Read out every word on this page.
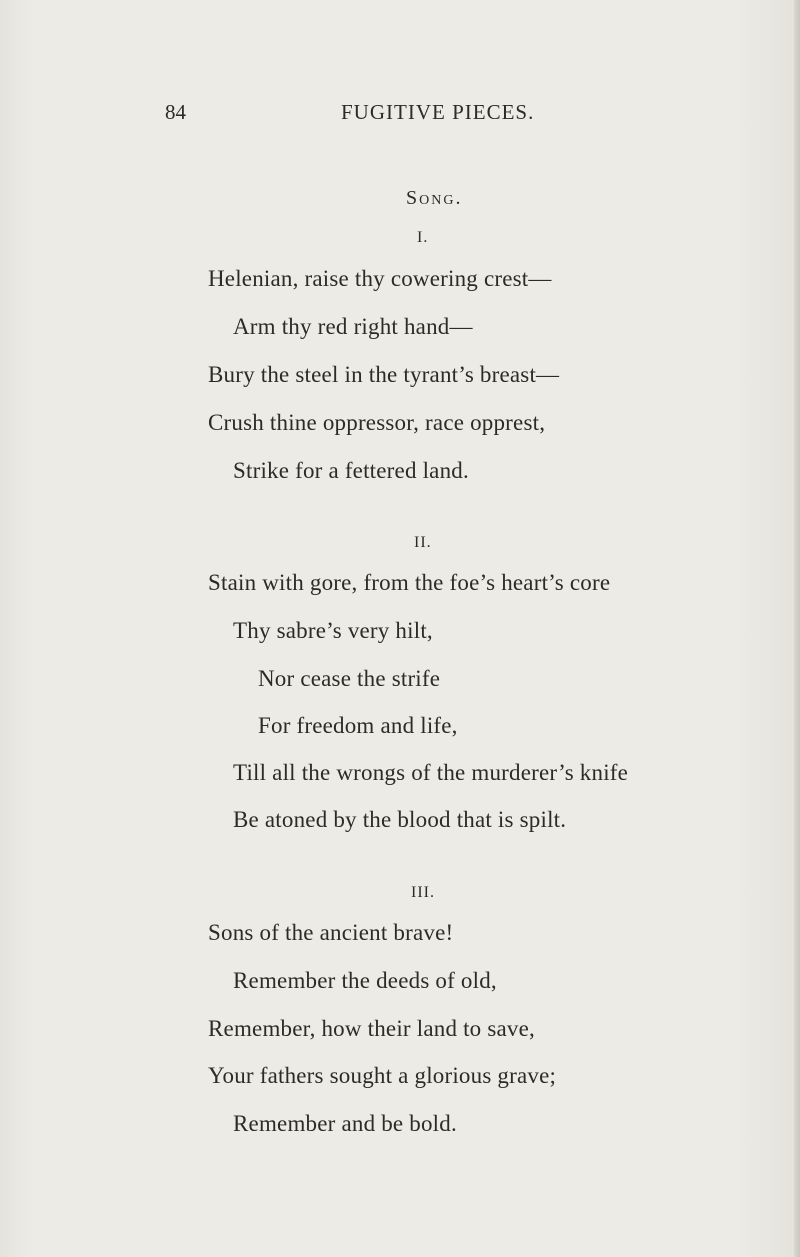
84	FUGITIVE PIECES.
Song.
I.
Helenian, raise thy cowering crest—
Arm thy red right hand—
Bury the steel in the tyrant’s breast—
Crush thine oppressor, race opprest,
Strike for a fettered land.
II.
Stain with gore, from the foe’s heart’s core
Thy sabre’s very hilt,
Nor cease the strife
For freedom and life,
Till all the wrongs of the murderer’s knife
Be atoned by the blood that is spilt.
III.
Sons of the ancient brave!
Remember the deeds of old,
Remember, how their land to save,
Your fathers sought a glorious grave;
Remember and be bold.
